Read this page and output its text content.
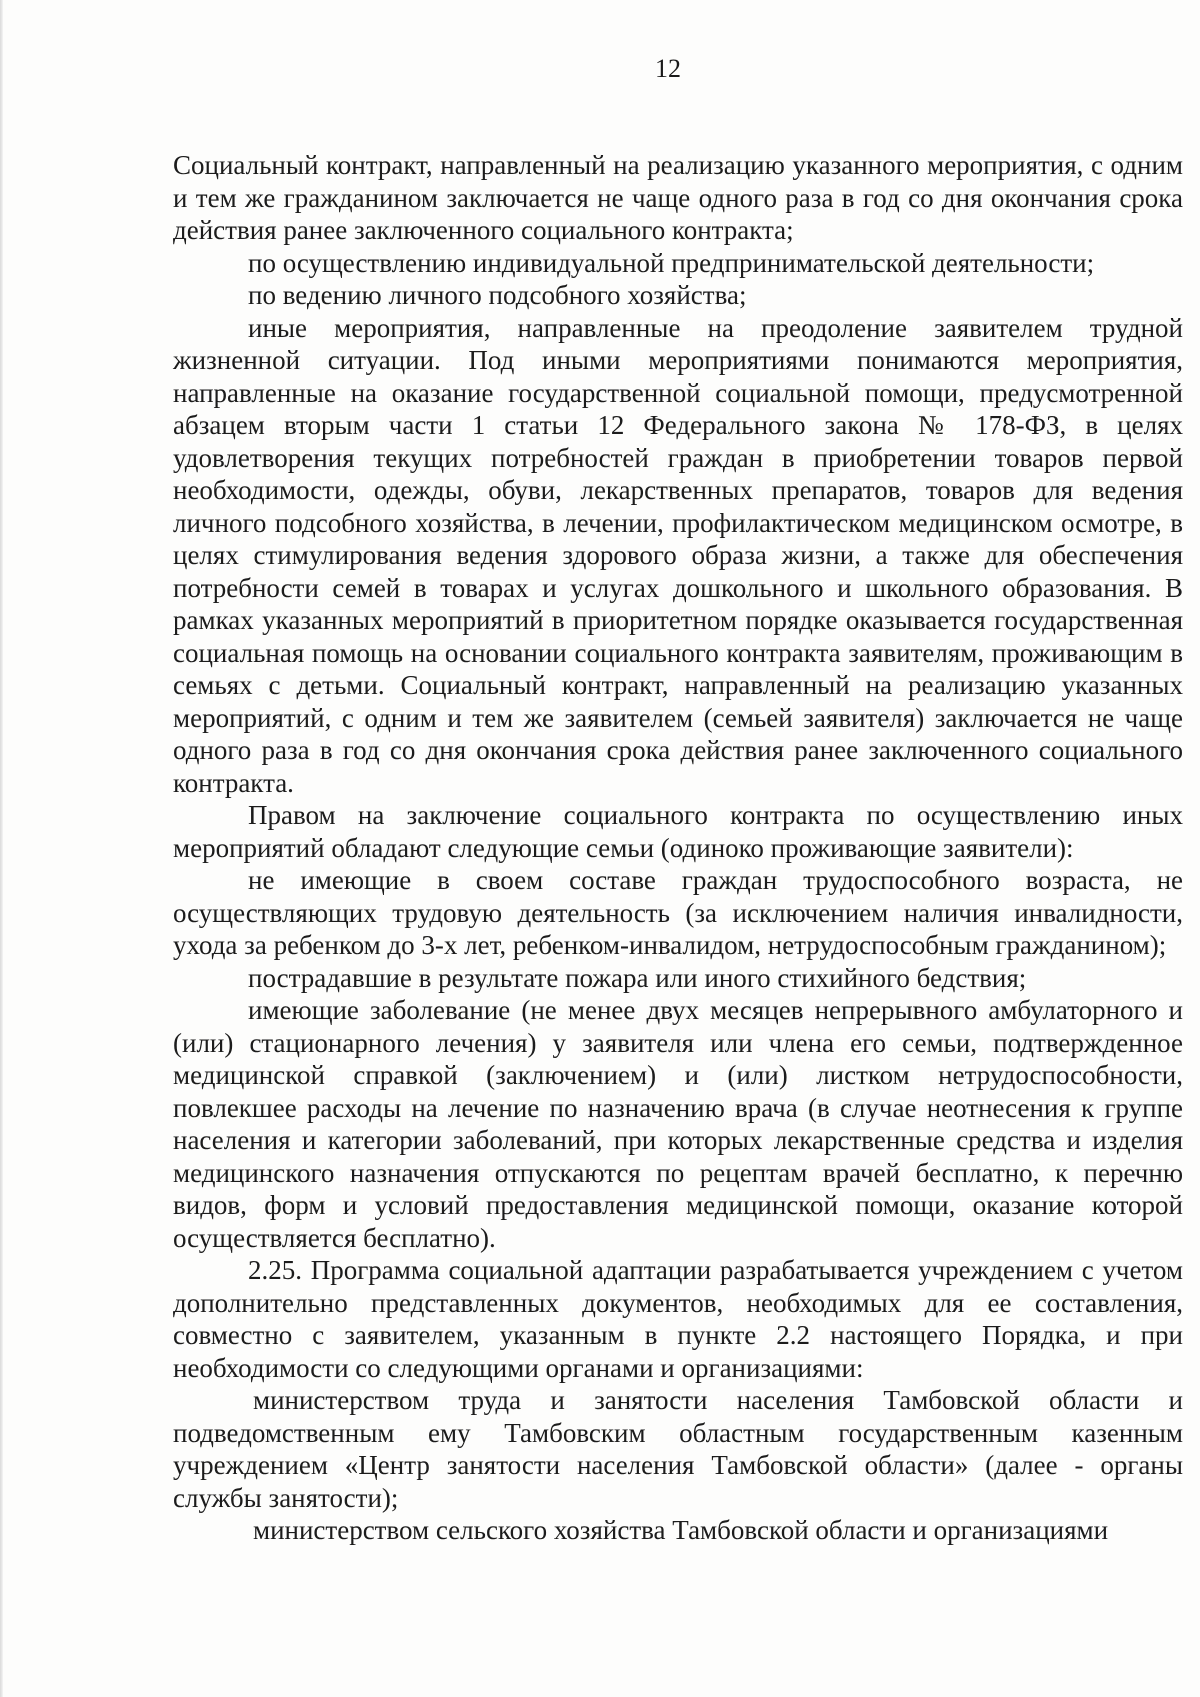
12

Социальный контракт, направленный на реализацию указанного мероприятия, с одним и тем же гражданином заключается не чаще одного раза в год со дня окончания срока действия ранее заключенного социального контракта;

по осуществлению индивидуальной предпринимательской деятельности;

по ведению личного подсобного хозяйства;

иные мероприятия, направленные на преодоление заявителем трудной жизненной ситуации. Под иными мероприятиями понимаются мероприятия, направленные на оказание государственной социальной помощи, предусмотренной абзацем вторым части 1 статьи 12 Федерального закона № 178-ФЗ, в целях удовлетворения текущих потребностей граждан в приобретении товаров первой необходимости, одежды, обуви, лекарственных препаратов, товаров для ведения личного подсобного хозяйства, в лечении, профилактическом медицинском осмотре, в целях стимулирования ведения здорового образа жизни, а также для обеспечения потребности семей в товарах и услугах дошкольного и школьного образования. В рамках указанных мероприятий в приоритетном порядке оказывается государственная социальная помощь на основании социального контракта заявителям, проживающим в семьях с детьми. Социальный контракт, направленный на реализацию указанных мероприятий, с одним и тем же заявителем (семьей заявителя) заключается не чаще одного раза в год со дня окончания срока действия ранее заключенного социального контракта.

Правом на заключение социального контракта по осуществлению иных мероприятий обладают следующие семьи (одиноко проживающие заявители):

не имеющие в своем составе граждан трудоспособного возраста, не осуществляющих трудовую деятельность (за исключением наличия инвалидности, ухода за ребенком до 3-х лет, ребенком-инвалидом, нетрудоспособным гражданином);

пострадавшие в результате пожара или иного стихийного бедствия;

имеющие заболевание (не менее двух месяцев непрерывного амбулаторного и (или) стационарного лечения) у заявителя или члена его семьи, подтвержденное медицинской справкой (заключением) и (или) листком нетрудоспособности, повлекшее расходы на лечение по назначению врача (в случае неотнесения к группе населения и категории заболеваний, при которых лекарственные средства и изделия медицинского назначения отпускаются по рецептам врачей бесплатно, к перечню видов, форм и условий предоставления медицинской помощи, оказание которой осуществляется бесплатно).

2.25. Программа социальной адаптации разрабатывается учреждением с учетом дополнительно представленных документов, необходимых для ее составления, совместно с заявителем, указанным в пункте 2.2 настоящего Порядка, и при необходимости со следующими органами и организациями:

министерством труда и занятости населения Тамбовской области и подведомственным ему Тамбовским областным государственным казенным учреждением «Центр занятости населения Тамбовской области» (далее - органы службы занятости);

министерством сельского хозяйства Тамбовской области и организациями
